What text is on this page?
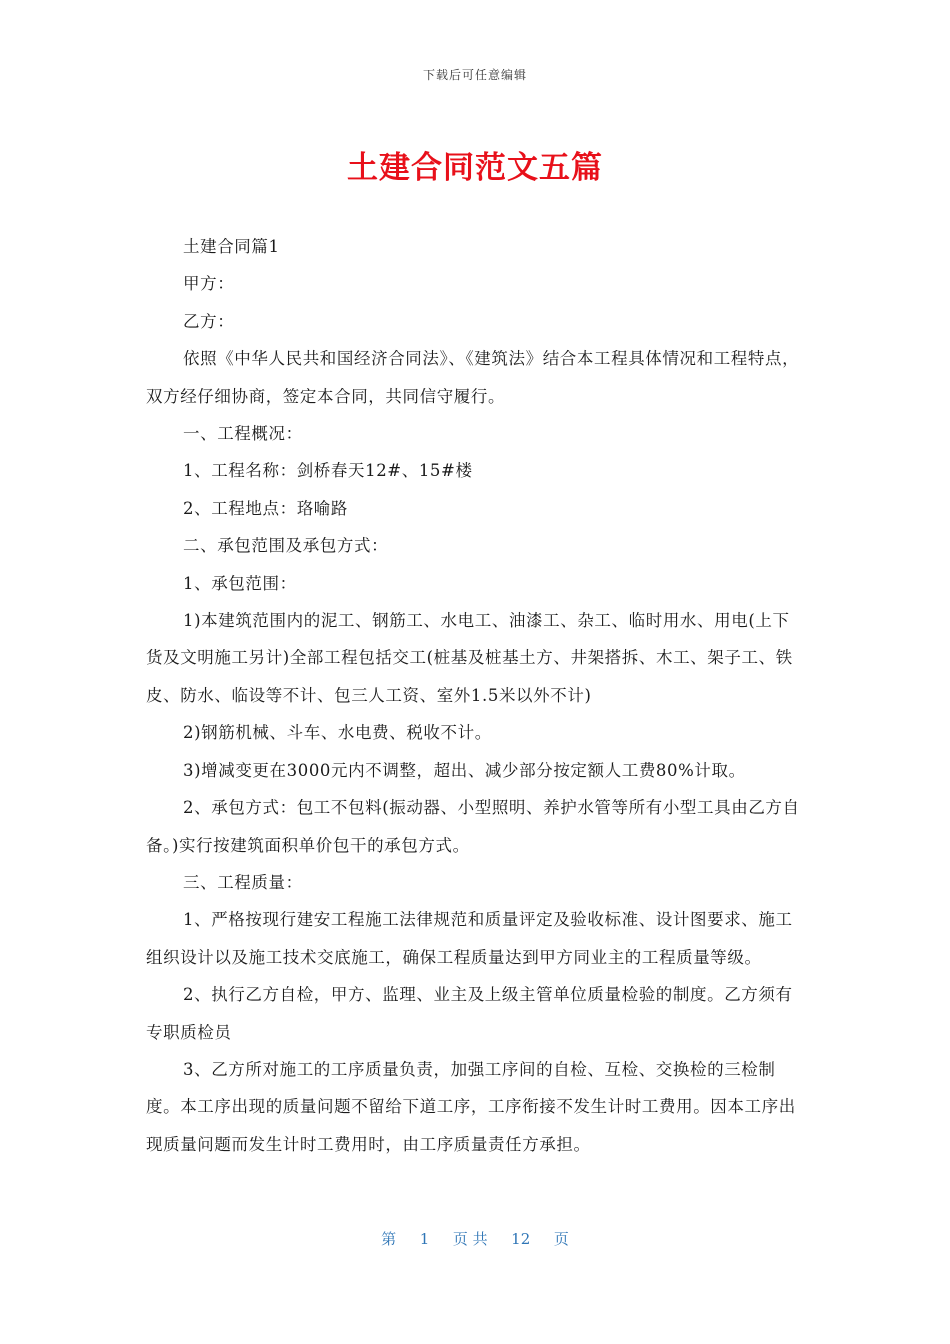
下载后可任意编辑
土建合同范文五篇

土建合同篇1

甲方：

乙方：

依照《中华人民共和国经济合同法》、《建筑法》结合本工程具体情况和工程特点，双方经仔细协商，签定本合同，共同信守履行。

一、工程概况：

1、工程名称：剑桥春天12#、15#楼

2、工程地点：珞喻路

二、承包范围及承包方式：

1、承包范围：

1)本建筑范围内的泥工、钢筋工、水电工、油漆工、杂工、临时用水、用电(上下货及文明施工另计)全部工程包括交工(桩基及桩基土方、井架搭拆、木工、架子工、铁皮、防水、临设等不计、包三人工资、室外1.5米以外不计)

2)钢筋机械、斗车、水电费、税收不计。

3)增减变更在3000元内不调整，超出、减少部分按定额人工费80%计取。

2、承包方式：包工不包料(振动器、小型照明、养护水管等所有小型工具由乙方自备。)实行按建筑面积单价包干的承包方式。

三、工程质量：

1、严格按现行建安工程施工法律规范和质量评定及验收标准、设计图要求、施工组织设计以及施工技术交底施工，确保工程质量达到甲方同业主的工程质量等级。

2、执行乙方自检，甲方、监理、业主及上级主管单位质量检验的制度。乙方须有专职质检员

3、乙方所对施工的工序质量负责，加强工序间的自检、互检、交换检的三检制度。本工序出现的质量问题不留给下道工序，工序衔接不发生计时工费用。因本工序出现质量问题而发生计时工费用时，由工序质量责任方承担。

第 1 页 共 12 页
